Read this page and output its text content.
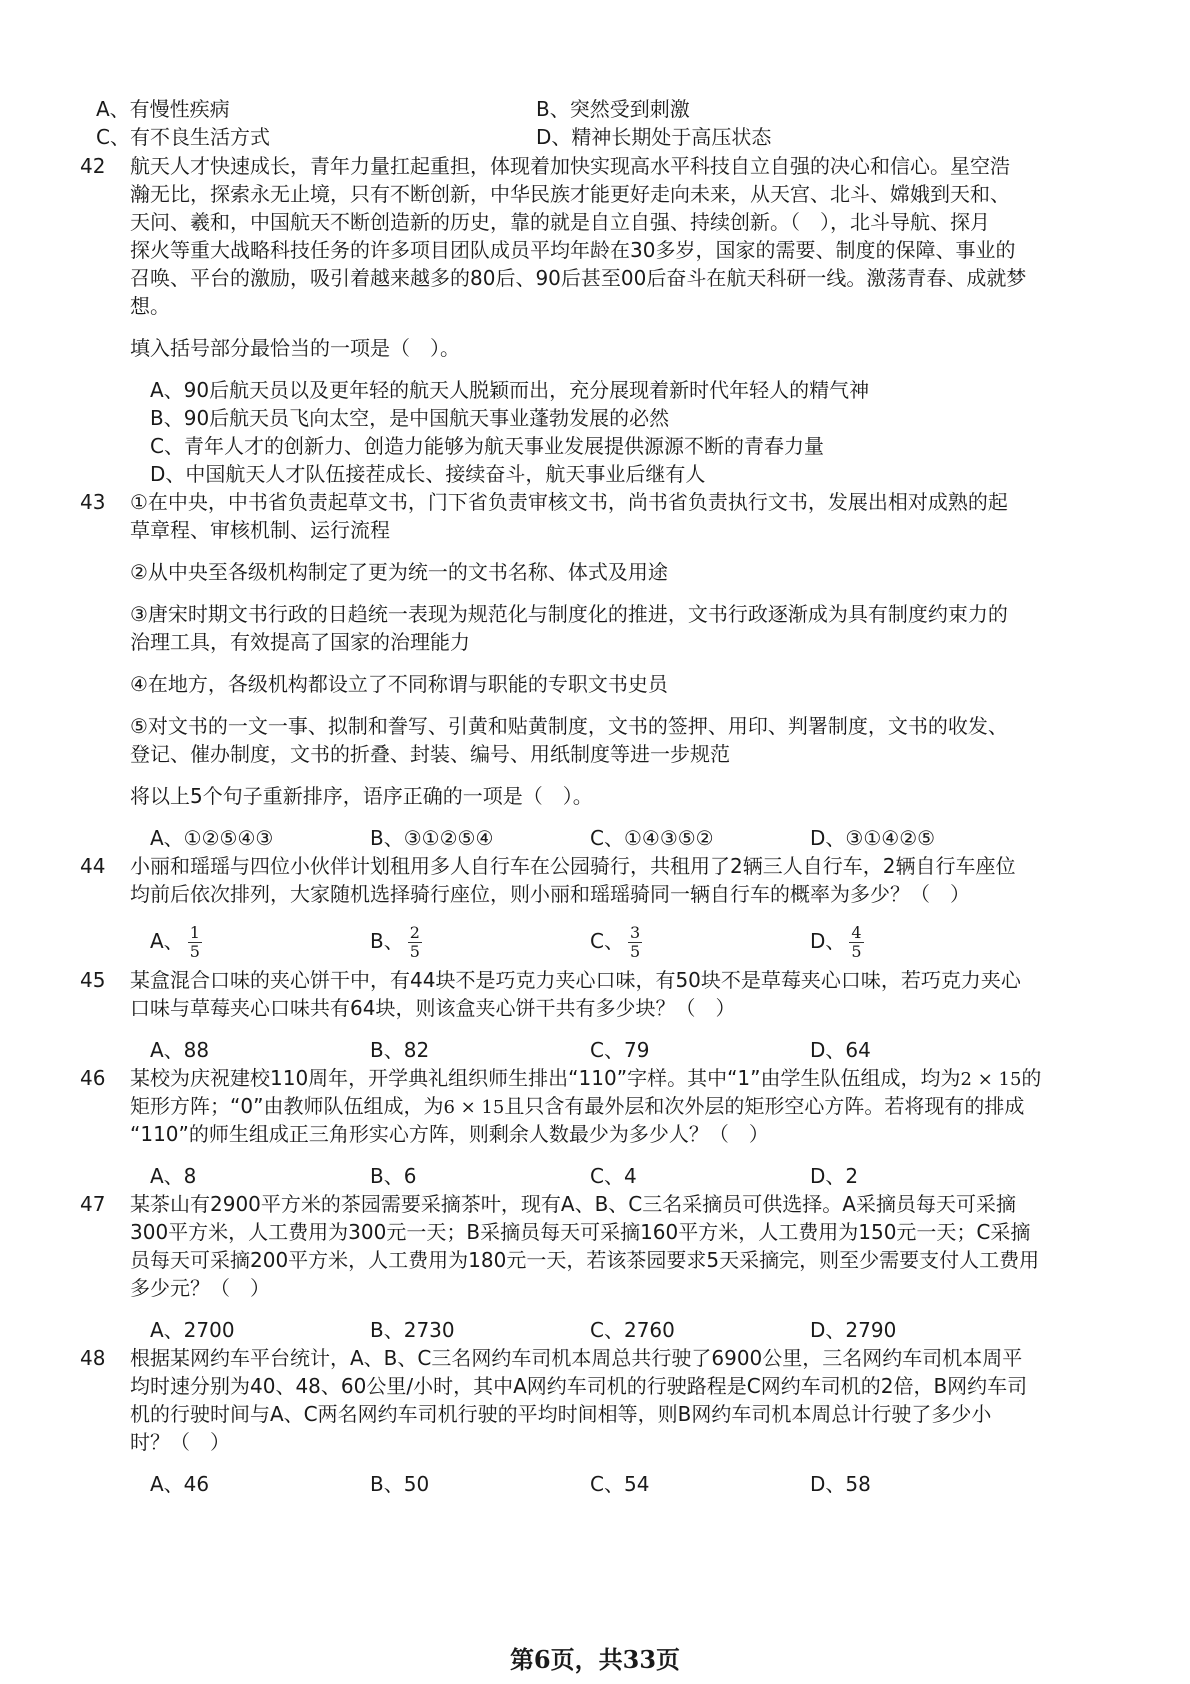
A、有慢性疾病	B、突然受到刺激
C、有不良生活方式	D、精神长期处于高压状态
42 航天人才快速成长，青年力量扛起重担，体现着加快实现高水平科技自立自强的决心和信心。星空浩
瀚无比，探索永无止境，只有不断创新，中华民族才能更好走向未来，从天宫、北斗、嫦娥到天和、
天问、羲和，中国航天不断创造新的历史，靠的就是自立自强、持续创新。（　），北斗导航、探月
探火等重大战略科技任务的许多项目团队成员平均年龄在30多岁，国家的需要、制度的保障、事业的
召唤、平台的激励，吸引着越来越多的80后、90后甚至00后奋斗在航天科研一线。激荡青春、成就梦
想。
填入括号部分最恰当的一项是（　）。
A、90后航天员以及更年轻的航天人脱颖而出，充分展现着新时代年轻人的精气神
B、90后航天员飞向太空，是中国航天事业蓬勃发展的必然
C、青年人才的创新力、创造力能够为航天事业发展提供源源不断的青春力量
D、中国航天人才队伍接茬成长、接续奋斗，航天事业后继有人
43 ①在中央，中书省负责起草文书，门下省负责审核文书，尚书省负责执行文书，发展出相对成熟的起
草章程、审核机制、运行流程
②从中央至各级机构制定了更为统一的文书名称、体式及用途
③唐宋时期文书行政的日趋统一表现为规范化与制度化的推进，文书行政逐渐成为具有制度约束力的
治理工具，有效提高了国家的治理能力
④在地方，各级机构都设立了不同称谓与职能的专职文书史员
⑤对文书的一文一事、拟制和誊写、引黄和贴黄制度，文书的签押、用印、判署制度，文书的收发、
登记、催办制度，文书的折叠、封装、编号、用纸制度等进一步规范
将以上5个句子重新排序，语序正确的一项是（　）。
A、①②⑤④③	B、③①②⑤④	C、①④③⑤②	D、③①④②⑤
44 小丽和瑶瑶与四位小伙伴计划租用多人自行车在公园骑行，共租用了2辆三人自行车，2辆自行车座位
均前后依次排列，大家随机选择骑行座位，则小丽和瑶瑶骑同一辆自行车的概率为多少？（　）
A、 $\frac{1}{5}$	B、 $\frac{2}{5}$	C、 $\frac{3}{5}$	D、 $\frac{4}{5}$
45 某盒混合口味的夹心饼干中，有44块不是巧克力夹心口味，有50块不是草莓夹心口味，若巧克力夹心
口味与草莓夹心口味共有64块，则该盒夹心饼干共有多少块？（　）
A、88	B、82	C、79	D、64
46 某校为庆祝建校110周年，开学典礼组织师生排出“110”字样。其中“1”由学生队伍组成，均为2 × 15的
矩形方阵；“0”由教师队伍组成，为6 × 15且只含有最外层和次外层的矩形空心方阵。若将现有的排成
“110”的师生组成正三角形实心方阵，则剩余人数最少为多少人？（　）
A、8	B、6	C、4	D、2
47 某茶山有2900平方米的茶园需要采摘茶叶，现有A、B、C三名采摘员可供选择。A采摘员每天可采摘
300平方米，人工费用为300元一天；B采摘员每天可采摘160平方米，人工费用为150元一天；C采摘
员每天可采摘200平方米，人工费用为180元一天，若该茶园要求5天采摘完，则至少需要支付人工费用
多少元？（　）
A、2700	B、2730	C、2760	D、2790
48 根据某网约车平台统计，A、B、C三名网约车司机本周总共行驶了6900公里，三名网约车司机本周平
均时速分别为40、48、60公里/小时，其中A网约车司机的行驶路程是C网约车司机的2倍，B网约车司
机的行驶时间与A、C两名网约车司机行驶的平均时间相等，则B网约车司机本周总计行驶了多少小
时？（　）
A、46	B、50	C、54	D、58
第6页，共33页
